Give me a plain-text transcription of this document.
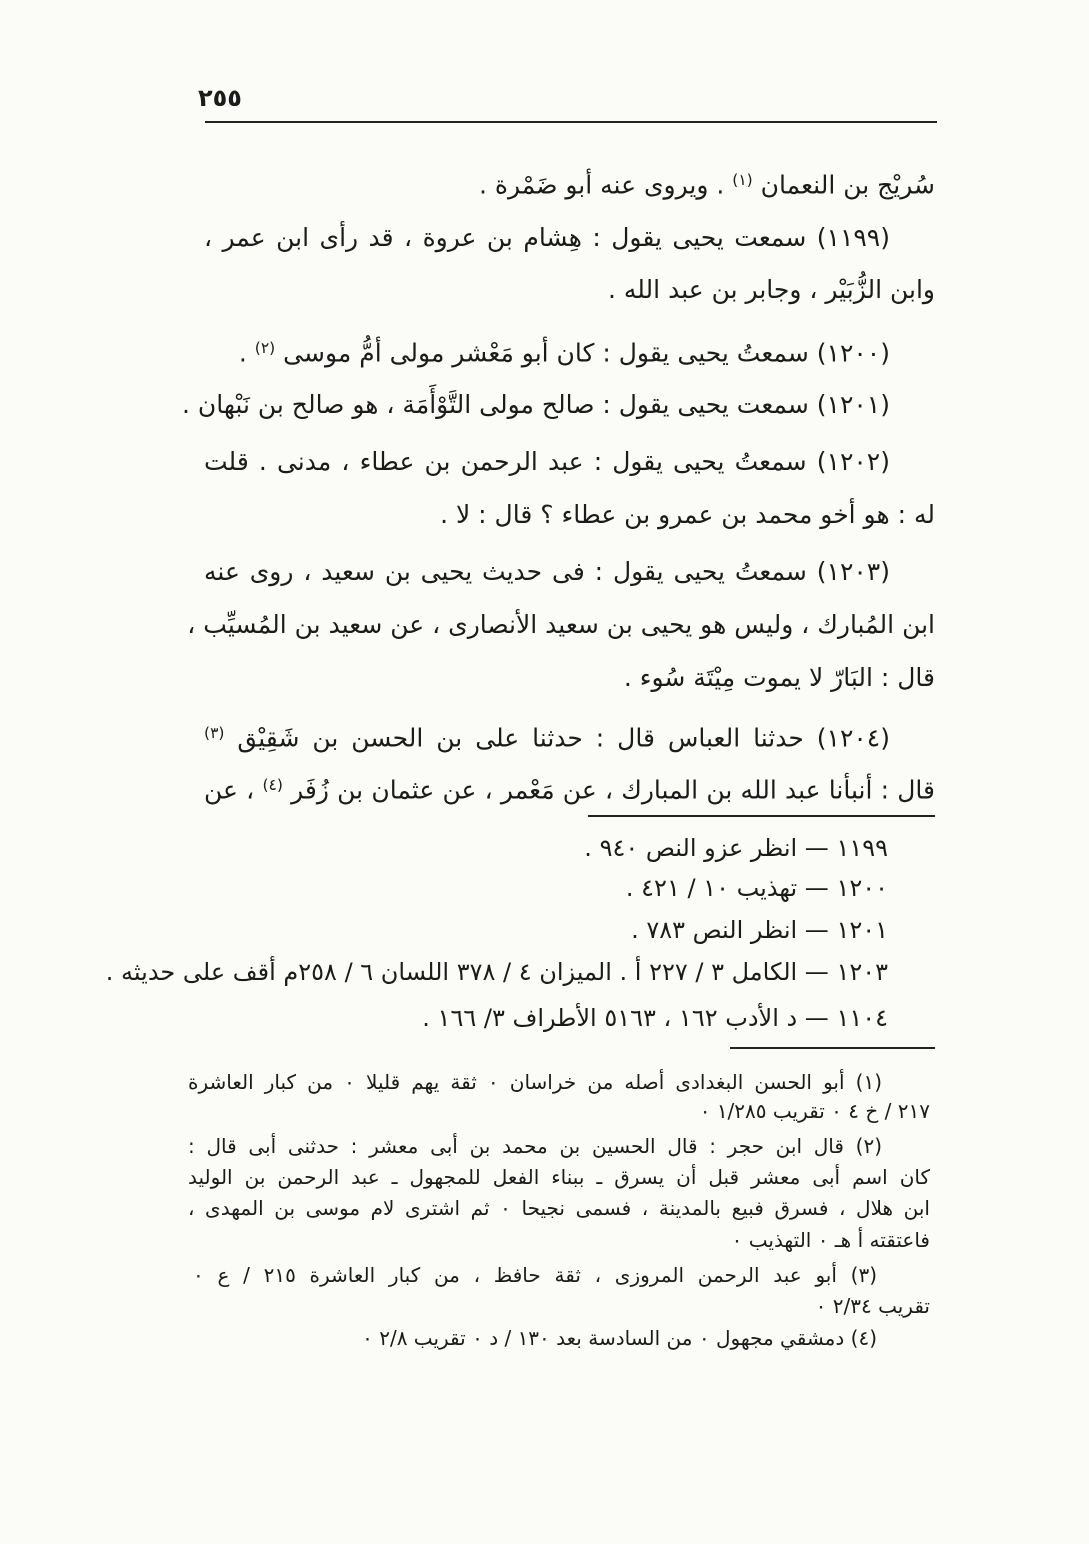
٢٥٥
سُريْج بن النعمان $^{(١)}$ . ويروى عنه أبو ضَمْرة .
(١١٩٩) سمعت يحيى يقول : هِشام بن عروة ، قد رأى ابن عمر ،
وابن الزُّبَيْر ، وجابر بن عبد الله .
(١٢٠٠) سمعتُ يحيى يقول : كان أبو مَعْشر مولى أمُّ موسى $^{(٢)}$ .
(١٢٠١) سمعت يحيى يقول : صالح مولى التَّوْأَمَة ، هو صالح بن نَبْهان .
(١٢٠٢) سمعتُ يحيى يقول : عبد الرحمن بن عطاء ، مدنى . قلت
له : هو أخو محمد بن عمرو بن عطاء ؟ قال : لا .
(١٢٠٣) سمعتُ يحيى يقول : فى حديث يحيى بن سعيد ، روى عنه
ابن المُبارك ، وليس هو يحيى بن سعيد الأنصارى ، عن سعيد بن المُسيِّب ،
قال : البَارّ لا يموت مِيْتَة سُوء .
(١٢٠٤) حدثنا العباس قال : حدثنا على بن الحسن بن شَقِيْق $^{(٣)}$
قال : أنبأنا عبد الله بن المبارك ، عن مَعْمر ، عن عثمان بن زُفَر $^{(٤)}$ ، عن
١١٩٩ — انظر عزو النص ٩٤٠ .
١٢٠٠ — تهذيب ١٠ / ٤٢١ .
١٢٠١ — انظر النص ٧٨٣ .
١٢٠٣ — الكامل ٣ / ٢٢٧ أ . الميزان ٤ / ٣٧٨ اللسان ٦ / ٢٥٨م أقف على حديثه .
١١٠٤ — د الأدب ١٦٢ ، ٥١٦٣ الأطراف ٣/ ١٦٦ .
(١) أبو الحسن البغدادى أصله من خراسان ٠ ثقة يهم قليلا ٠ من كبار العاشرة
٢١٧ / خ ٤ ٠ تقريب ١/٢٨٥ ٠
(٢) قال ابن حجر : قال الحسين بن محمد بن أبى معشر : حدثنى أبى قال :
كان اسم أبى معشر قبل أن يسرق ـ ببناء الفعل للمجهول ـ عبد الرحمن بن الوليد
ابن هلال ، فسرق فبيع بالمدينة ، فسمى نجيحا ٠ ثم اشترى لام موسى بن المهدى ،
فاعتقته أ هـ ٠ التهذيب ٠
(٣) أبو عبد الرحمن المروزى ، ثقة حافظ ، من كبار العاشرة ٢١٥ / ع ٠
تقريب ٢/٣٤ ٠
(٤) دمشقي مجهول ٠ من السادسة بعد ١٣٠ / د ٠ تقريب ٢/٨ ٠
